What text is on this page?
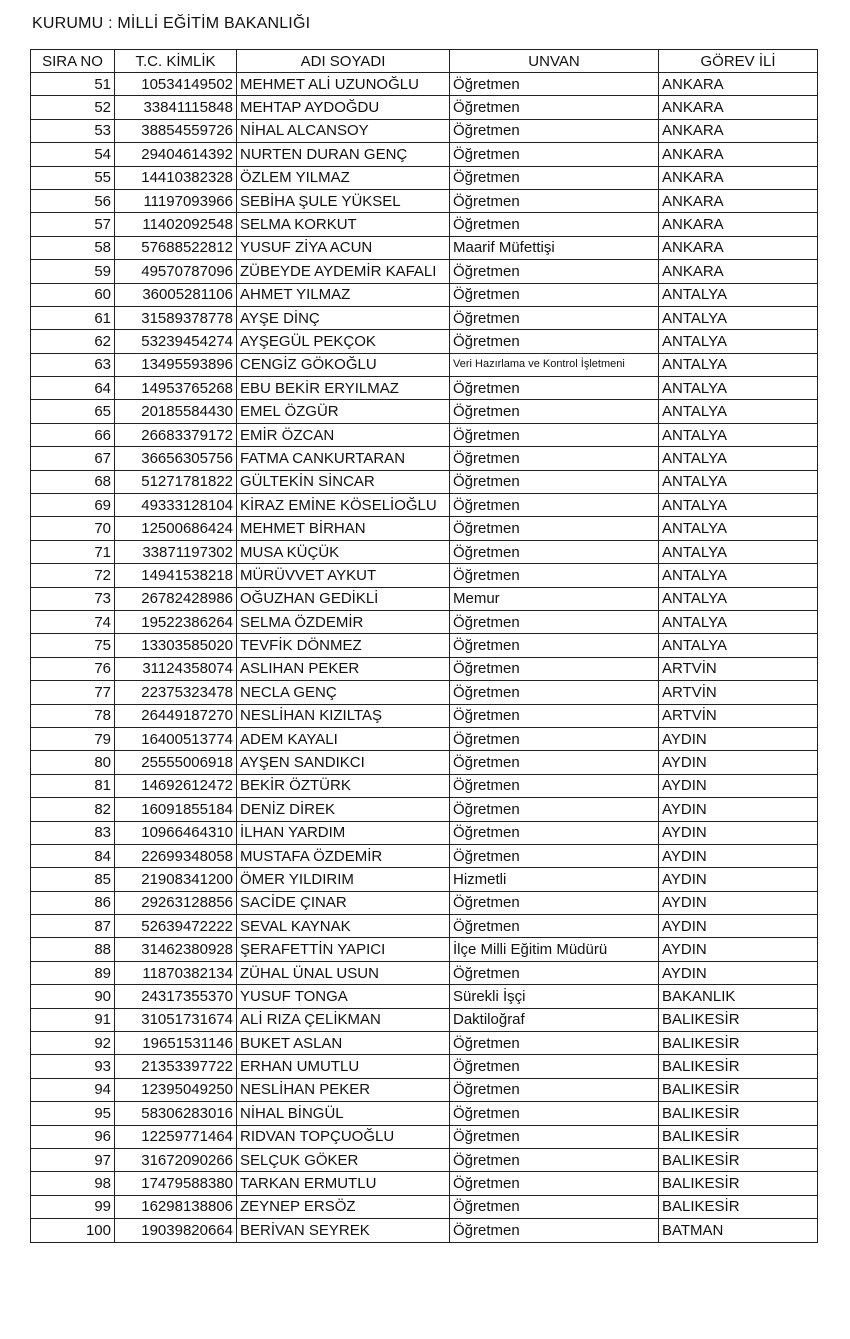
KURUMU : MİLLİ EĞİTİM BAKANLIĞI
SIRA NO	T.C. KİMLİK	ADI SOYADI	UNVAN	GÖREV İLİ
51	10534149502	MEHMET ALİ UZUNOĞLU	Öğretmen	ANKARA
52	33841115848	MEHTAP AYDOĞDU	Öğretmen	ANKARA
53	38854559726	NİHAL ALCANSOY	Öğretmen	ANKARA
54	29404614392	NURTEN DURAN GENÇ	Öğretmen	ANKARA
55	14410382328	ÖZLEM YILMAZ	Öğretmen	ANKARA
56	11197093966	SEBİHA ŞULE YÜKSEL	Öğretmen	ANKARA
57	11402092548	SELMA KORKUT	Öğretmen	ANKARA
58	57688522812	YUSUF ZİYA ACUN	Maarif Müfettişi	ANKARA
59	49570787096	ZÜBEYDE AYDEMİR KAFALI	Öğretmen	ANKARA
60	36005281106	AHMET YILMAZ	Öğretmen	ANTALYA
61	31589378778	AYŞE DİNÇ	Öğretmen	ANTALYA
62	53239454274	AYŞEGÜL PEKÇOK	Öğretmen	ANTALYA
63	13495593896	CENGİZ GÖKOĞLU	Veri Hazırlama ve Kontrol İşletmeni	ANTALYA
64	14953765268	EBU BEKİR ERYILMAZ	Öğretmen	ANTALYA
65	20185584430	EMEL ÖZGÜR	Öğretmen	ANTALYA
66	26683379172	EMİR ÖZCAN	Öğretmen	ANTALYA
67	36656305756	FATMA CANKURTARAN	Öğretmen	ANTALYA
68	51271781822	GÜLTEKİN SİNCAR	Öğretmen	ANTALYA
69	49333128104	KİRAZ EMİNE KÖSELİOĞLU	Öğretmen	ANTALYA
70	12500686424	MEHMET BİRHAN	Öğretmen	ANTALYA
71	33871197302	MUSA KÜÇÜK	Öğretmen	ANTALYA
72	14941538218	MÜRÜVVET AYKUT	Öğretmen	ANTALYA
73	26782428986	OĞUZHAN GEDİKLİ	Memur	ANTALYA
74	19522386264	SELMA ÖZDEMİR	Öğretmen	ANTALYA
75	13303585020	TEVFİK DÖNMEZ	Öğretmen	ANTALYA
76	31124358074	ASLIHAN PEKER	Öğretmen	ARTVİN
77	22375323478	NECLA GENÇ	Öğretmen	ARTVİN
78	26449187270	NESLİHAN KIZILTAŞ	Öğretmen	ARTVİN
79	16400513774	ADEM KAYALI	Öğretmen	AYDIN
80	25555006918	AYŞEN SANDIKCI	Öğretmen	AYDIN
81	14692612472	BEKİR ÖZTÜRK	Öğretmen	AYDIN
82	16091855184	DENİZ DİREK	Öğretmen	AYDIN
83	10966464310	İLHAN YARDIM	Öğretmen	AYDIN
84	22699348058	MUSTAFA ÖZDEMİR	Öğretmen	AYDIN
85	21908341200	ÖMER YILDIRIM	Hizmetli	AYDIN
86	29263128856	SACİDE ÇINAR	Öğretmen	AYDIN
87	52639472222	SEVAL KAYNAK	Öğretmen	AYDIN
88	31462380928	ŞERAFETTİN YAPICI	İlçe Milli Eğitim Müdürü	AYDIN
89	11870382134	ZÜHAL ÜNAL USUN	Öğretmen	AYDIN
90	24317355370	YUSUF TONGA	Sürekli İşçi	BAKANLIK
91	31051731674	ALİ RIZA ÇELİKMAN	Daktiloğraf	BALIKESİR
92	19651531146	BUKET ASLAN	Öğretmen	BALIKESİR
93	21353397722	ERHAN UMUTLU	Öğretmen	BALIKESİR
94	12395049250	NESLİHAN PEKER	Öğretmen	BALIKESİR
95	58306283016	NİHAL BİNGÜL	Öğretmen	BALIKESİR
96	12259771464	RIDVAN TOPÇUOĞLU	Öğretmen	BALIKESİR
97	31672090266	SELÇUK GÖKER	Öğretmen	BALIKESİR
98	17479588380	TARKAN ERMUTLU	Öğretmen	BALIKESİR
99	16298138806	ZEYNEP ERSÖZ	Öğretmen	BALIKESİR
100	19039820664	BERİVAN SEYREK	Öğretmen	BATMAN
